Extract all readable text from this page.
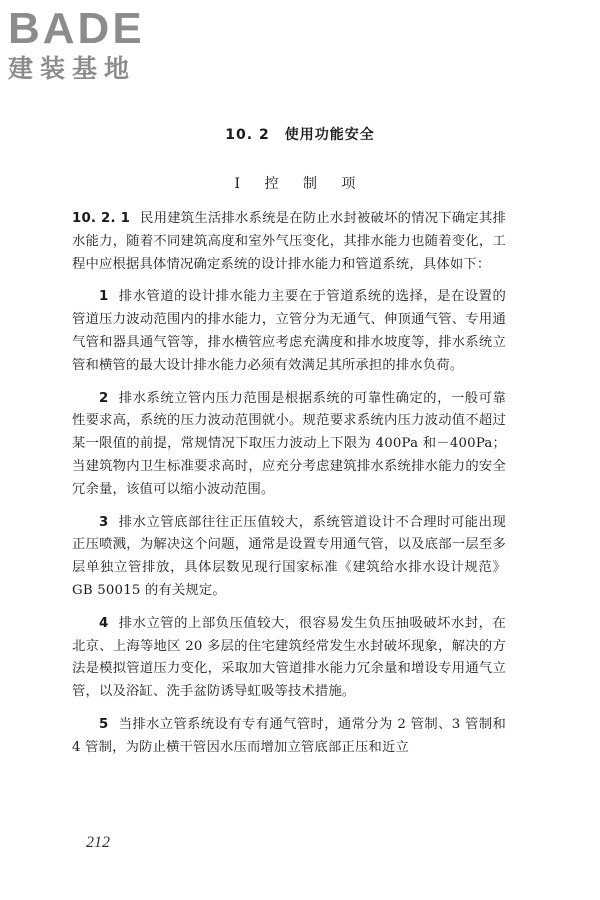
BADE
建装基地
10. 2　使用功能安全
Ⅰ 控 制 项

10. 2. 1 民用建筑生活排水系统是在防止水封被破坏的情况下确定其排水能力，随着不同建筑高度和室外气压变化，其排水能力也随着变化，工程中应根据具体情况确定系统的设计排水能力和管道系统，具体如下：

1 排水管道的设计排水能力主要在于管道系统的选择，是在设置的管道压力波动范围内的排水能力，立管分为无通气、伸顶通气管、专用通气管和器具通气管等，排水横管应考虑充满度和排水坡度等，排水系统立管和横管的最大设计排水能力必须有效满足其所承担的排水负荷。

2 排水系统立管内压力范围是根据系统的可靠性确定的，一般可靠性要求高，系统的压力波动范围就小。规范要求系统内压力波动值不超过某一限值的前提，常规情况下取压力波动上下限为 400Pa 和－400Pa；当建筑物内卫生标准要求高时，应充分考虑建筑排水系统排水能力的安全冗余量，该值可以缩小波动范围。

3 排水立管底部往往正压值较大，系统管道设计不合理时可能出现正压喷溅，为解决这个问题，通常是设置专用通气管，以及底部一层至多层单独立管排放，具体层数见现行国家标准《建筑给水排水设计规范》GB 50015 的有关规定。

4 排水立管的上部负压值较大，很容易发生负压抽吸破坏水封，在北京、上海等地区 20 多层的住宅建筑经常发生水封破坏现象，解决的方法是模拟管道压力变化，采取加大管道排水能力冗余量和增设专用通气立管，以及浴缸、洗手盆防诱导虹吸等技术措施。

5 当排水立管系统设有专有通气管时，通常分为 2 管制、3 管制和 4 管制，为防止横干管因水压而增加立管底部正压和近立

212
